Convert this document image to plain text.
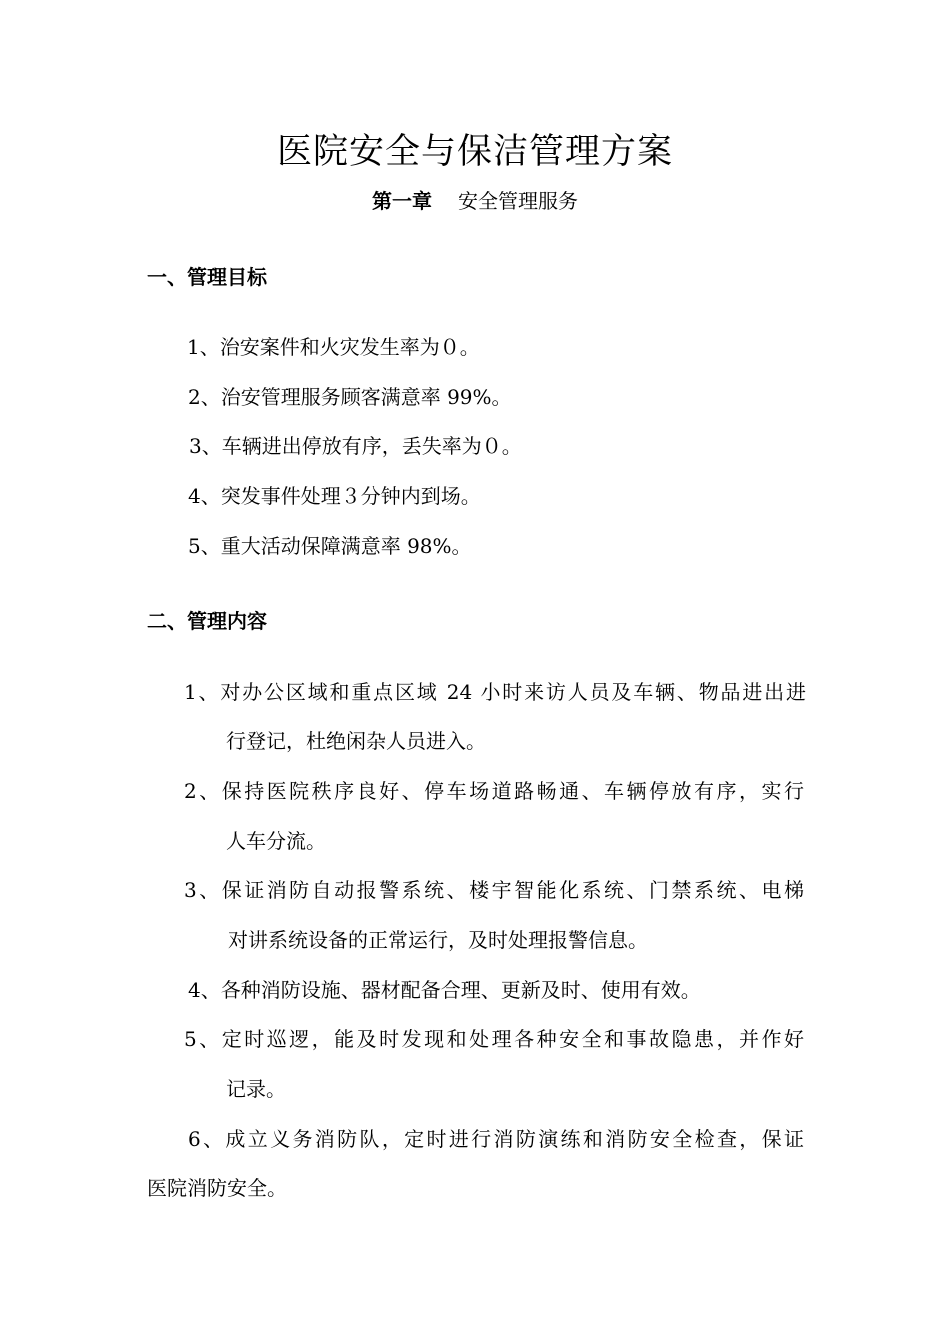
医院安全与保洁管理方案
第一章 安全管理服务
一、管理目标
1、治安案件和火灾发生率为０。
2、治安管理服务顾客满意率 99%。
3、车辆进出停放有序，丢失率为０。
4、突发事件处理３分钟内到场。
5、重大活动保障满意率 98%。
二、管理内容
1、对办公区域和重点区域 24 小时来访人员及车辆、物品进出进
行登记，杜绝闲杂人员进入。
2、保持医院秩序良好、停车场道路畅通、车辆停放有序，实行
人车分流。
3、保证消防自动报警系统、楼宇智能化系统、门禁系统、电梯
对讲系统设备的正常运行，及时处理报警信息。
4、各种消防设施、器材配备合理、更新及时、使用有效。
5、定时巡逻，能及时发现和处理各种安全和事故隐患，并作好
记录。
6、成立义务消防队，定时进行消防演练和消防安全检查，保证
医院消防安全。
